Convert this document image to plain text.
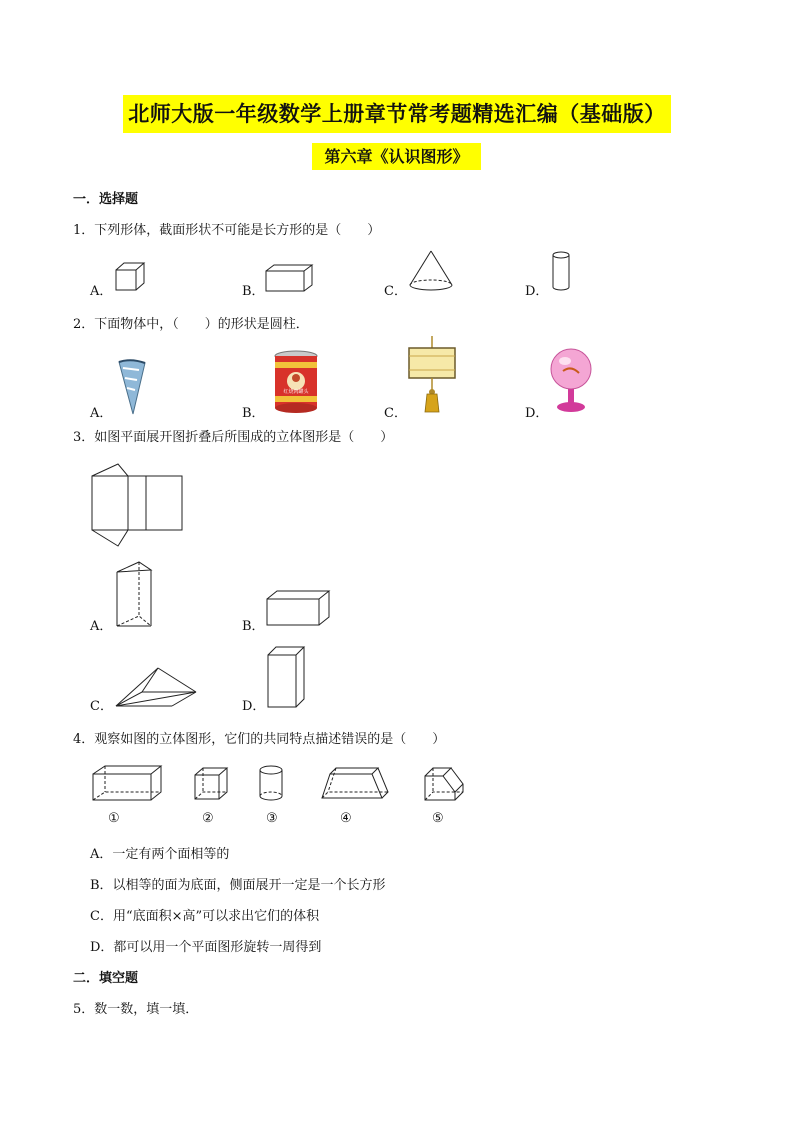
北师大版一年级数学上册章节常考题精选汇编（基础版）
第六章《认识图形》
一．选择题
1．下列形体，截面形状不可能是长方形的是（　　）
A．	B．	C．	D．
2．下面物体中，（　　）的形状是圆柱．
A．	B．	C．	D．
红烧肉罐头
3．如图平面展开图折叠后所围成的立体图形是（　　）
A．	B．
C．	D．
4．观察如图的立体图形，它们的共同特点描述错误的是（　　）
①	②	③	④	⑤
A．一定有两个面相等的
B．以相等的面为底面，侧面展开一定是一个长方形
C．用“底面积×高”可以求出它们的体积
D．都可以用一个平面图形旋转一周得到
二．填空题
5．数一数，填一填．
